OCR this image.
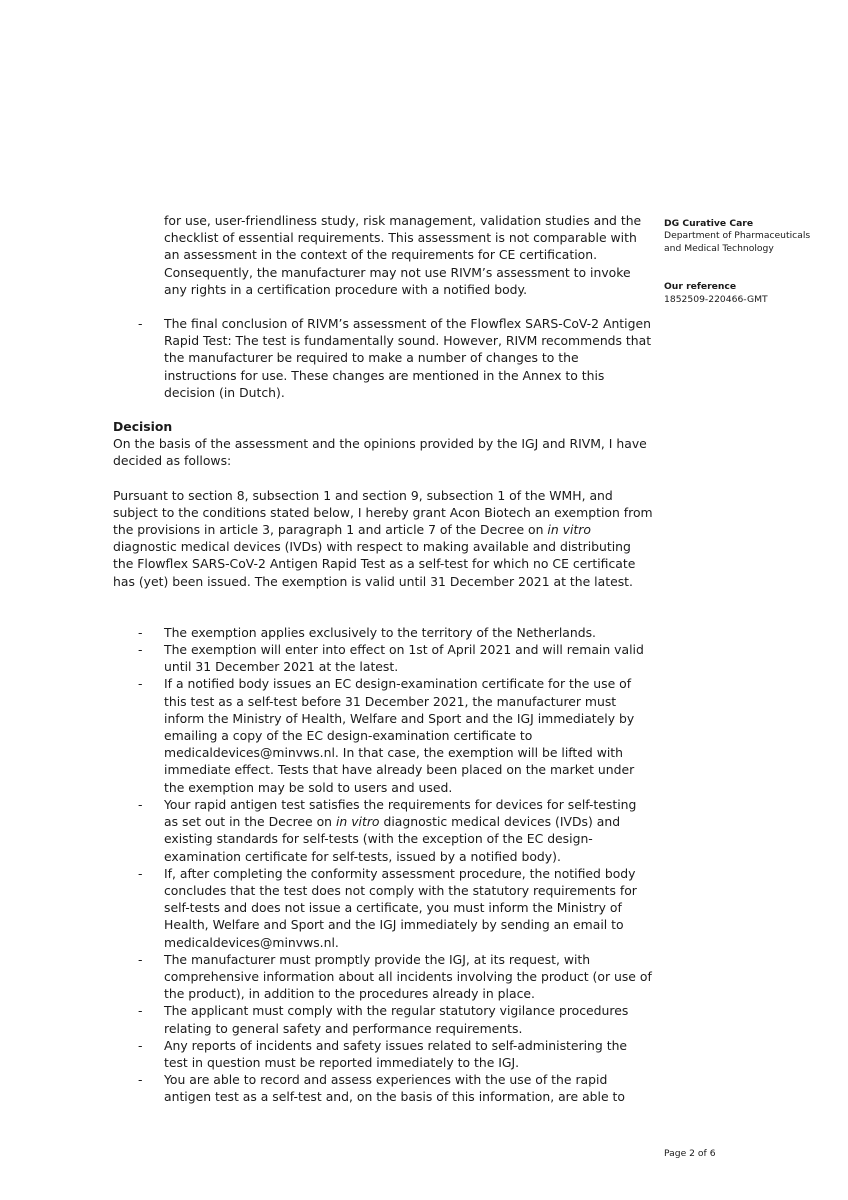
for use, user-friendliness study, risk management, validation studies and the checklist of essential requirements. This assessment is not comparable with an assessment in the context of the requirements for CE certification. Consequently, the manufacturer may not use RIVM’s assessment to invoke any rights in a certification procedure with a notified body.

- The final conclusion of RIVM’s assessment of the Flowflex SARS-CoV-2 Antigen Rapid Test: The test is fundamentally sound. However, RIVM recommends that the manufacturer be required to make a number of changes to the instructions for use. These changes are mentioned in the Annex to this decision (in Dutch).

Decision

On the basis of the assessment and the opinions provided by the IGJ and RIVM, I have decided as follows:

Pursuant to section 8, subsection 1 and section 9, subsection 1 of the WMH, and subject to the conditions stated below, I hereby grant Acon Biotech an exemption from the provisions in article 3, paragraph 1 and article 7 of the Decree on in vitro diagnostic medical devices (IVDs) with respect to making available and distributing the Flowflex SARS-CoV-2 Antigen Rapid Test as a self-test for which no CE certificate has (yet) been issued. The exemption is valid until 31 December 2021 at the latest.

- The exemption applies exclusively to the territory of the Netherlands.
- The exemption will enter into effect on 1st of April 2021 and will remain valid until 31 December 2021 at the latest.
- If a notified body issues an EC design-examination certificate for the use of this test as a self-test before 31 December 2021, the manufacturer must inform the Ministry of Health, Welfare and Sport and the IGJ immediately by emailing a copy of the EC design-examination certificate to medicaldevices@minvws.nl. In that case, the exemption will be lifted with immediate effect. Tests that have already been placed on the market under the exemption may be sold to users and used.
- Your rapid antigen test satisfies the requirements for devices for self-testing as set out in the Decree on in vitro diagnostic medical devices (IVDs) and existing standards for self-tests (with the exception of the EC design-examination certificate for self-tests, issued by a notified body).
- If, after completing the conformity assessment procedure, the notified body concludes that the test does not comply with the statutory requirements for self-tests and does not issue a certificate, you must inform the Ministry of Health, Welfare and Sport and the IGJ immediately by sending an email to medicaldevices@minvws.nl.
- The manufacturer must promptly provide the IGJ, at its request, with comprehensive information about all incidents involving the product (or use of the product), in addition to the procedures already in place.
- The applicant must comply with the regular statutory vigilance procedures relating to general safety and performance requirements.
- Any reports of incidents and safety issues related to self-administering the test in question must be reported immediately to the IGJ.
- You are able to record and assess experiences with the use of the rapid antigen test as a self-test and, on the basis of this information, are able to
DG Curative Care
Department of Pharmaceuticals and Medical Technology
Our reference
1852509-220466-GMT
Page 2 of 6
